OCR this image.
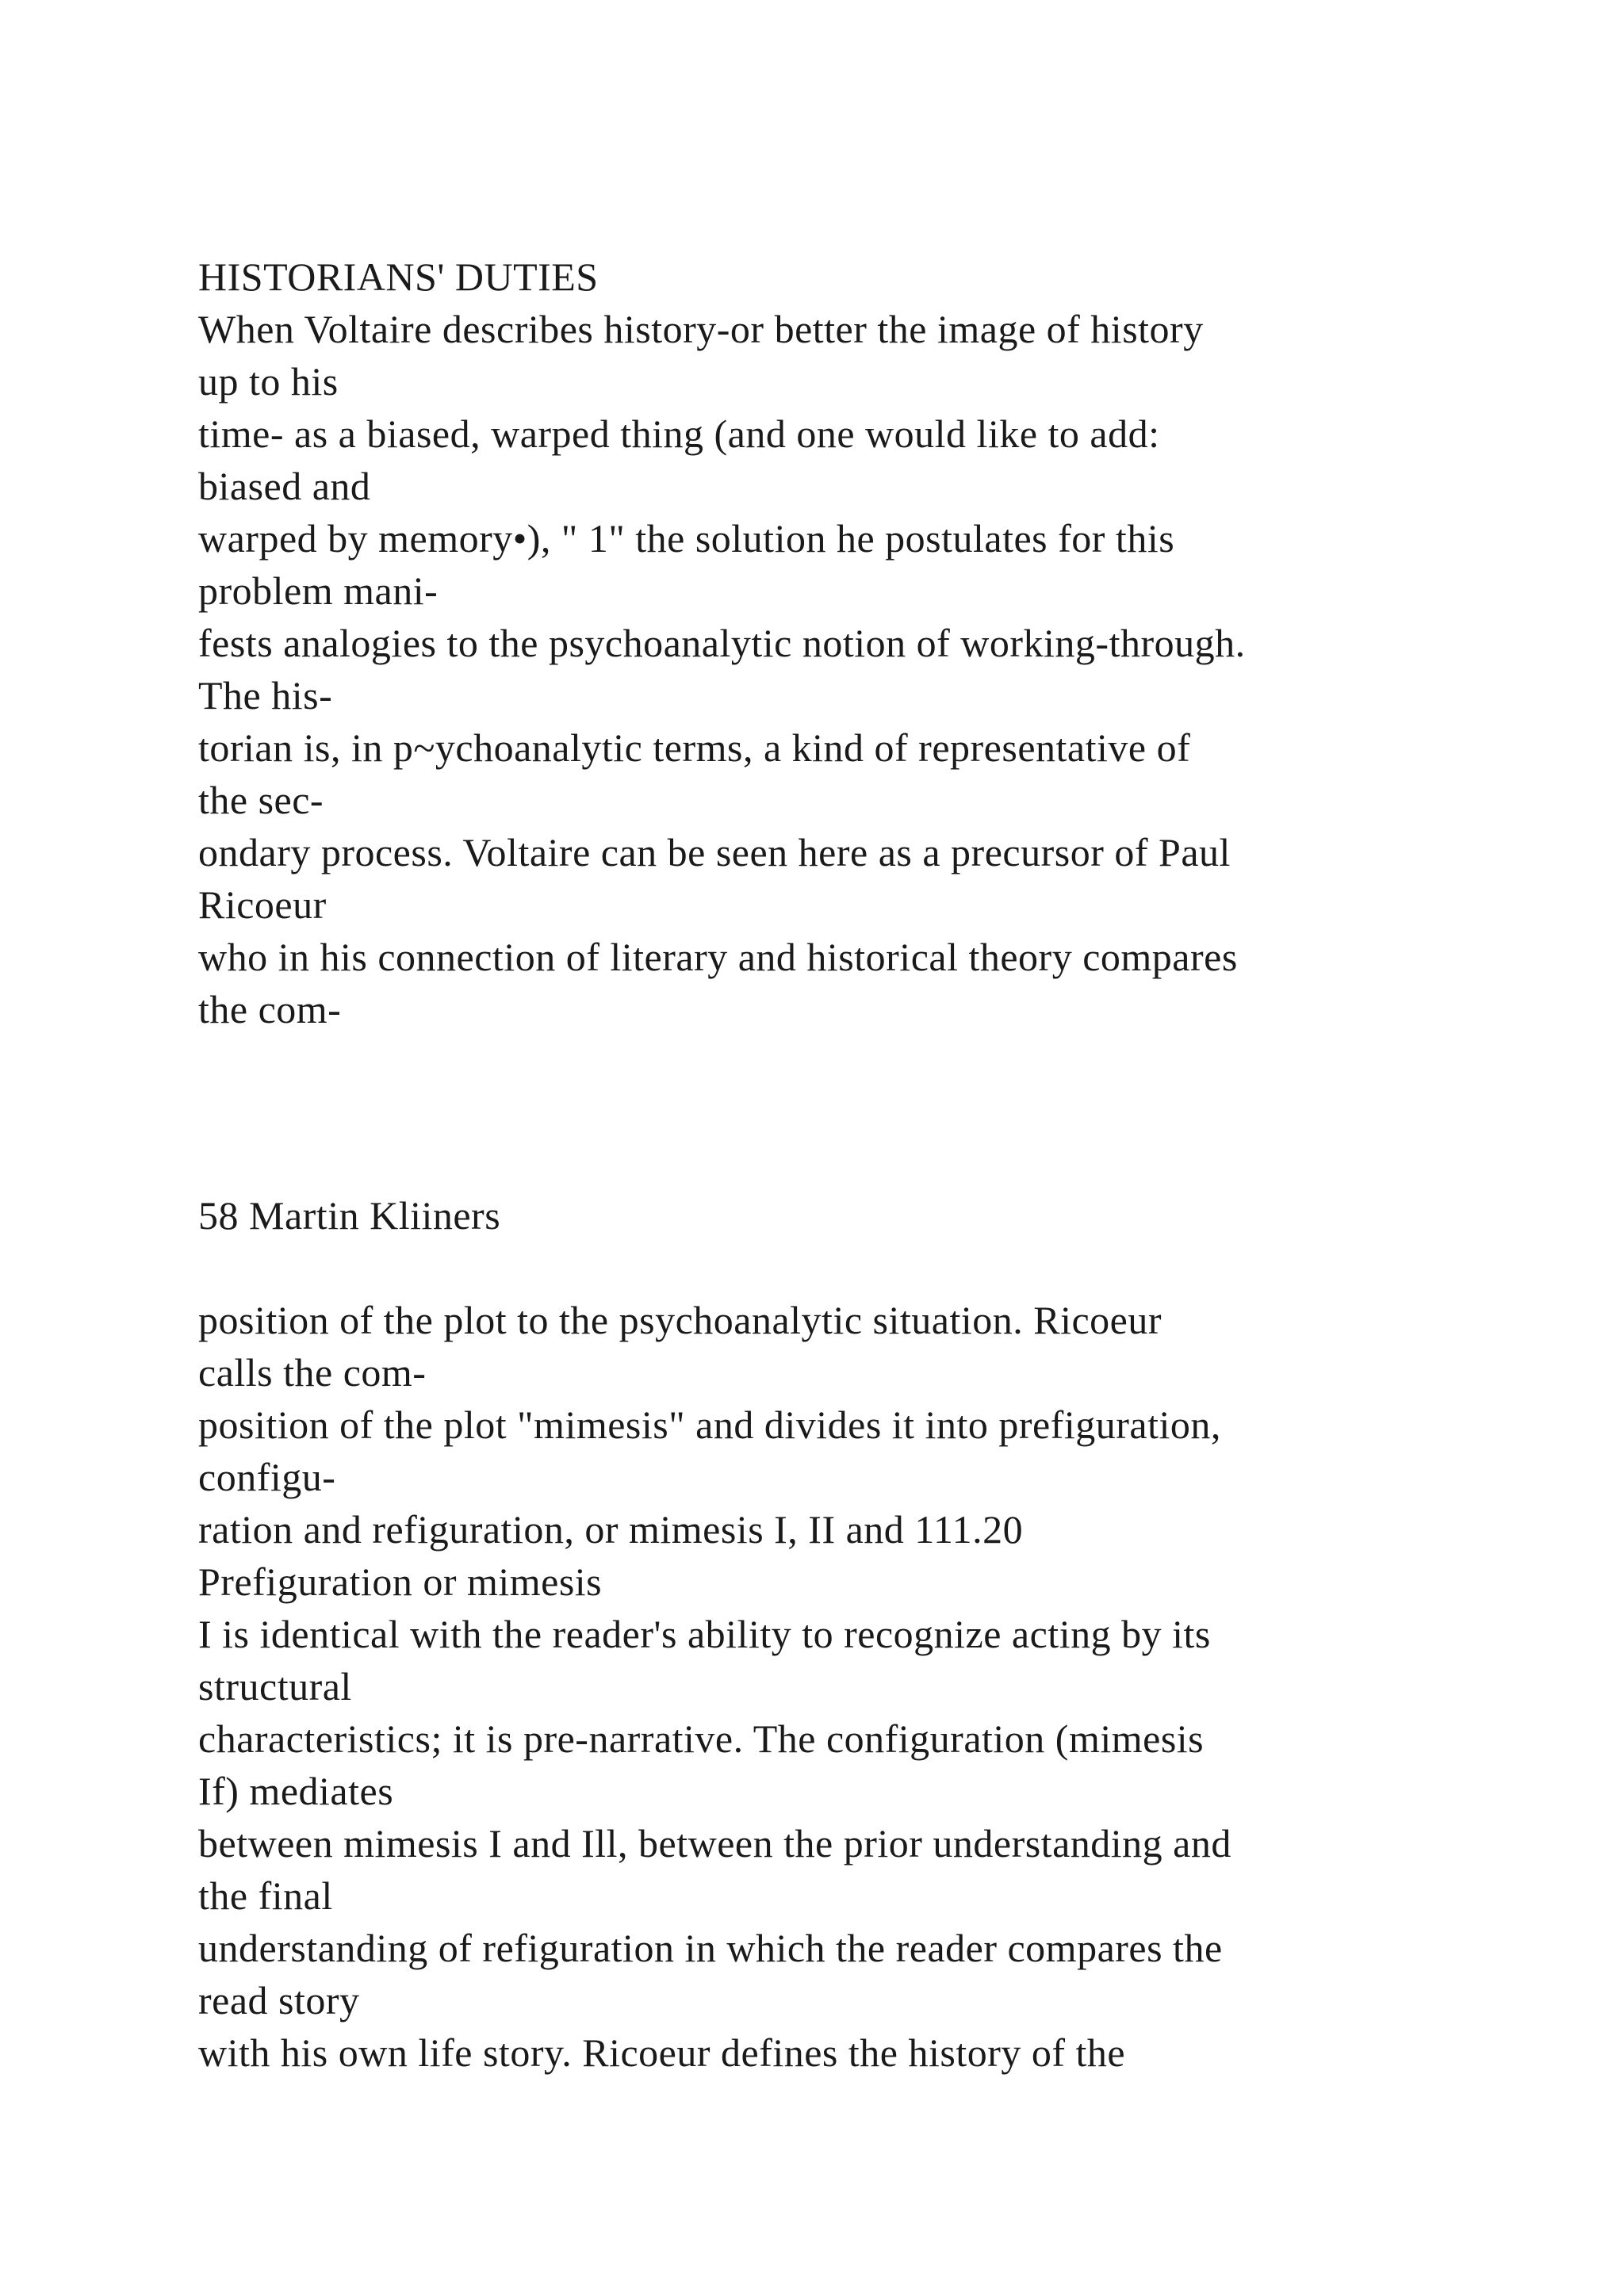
HISTORIANS' DUTIES
When Voltaire describes history-or better the image of history
up to his
time- as a biased, warped thing (and one would like to add:
biased and
warped by memory•), " 1" the solution he postulates for this
problem mani-
fests analogies to the psychoanalytic notion of working-through.
The his-
torian is, in p~ychoanalytic terms, a kind of representative of
the sec-
ondary process. Voltaire can be seen here as a precursor of Paul
Ricoeur
who in his connection of literary and historical theory compares
the com-
58 Martin Kliiners
position of the plot to the psychoanalytic situation. Ricoeur
calls the com-
position of the plot "mimesis" and divides it into prefiguration,
configu-
ration and refiguration, or mimesis I, II and 111.20
Prefiguration or mimesis
I is identical with the reader's ability to recognize acting by its
structural
characteristics; it is pre-narrative. The configuration (mimesis
If) mediates
between mimesis I and Ill, between the prior understanding and
the final
understanding of refiguration in which the reader compares the
read story
with his own life story. Ricoeur defines the history of the
